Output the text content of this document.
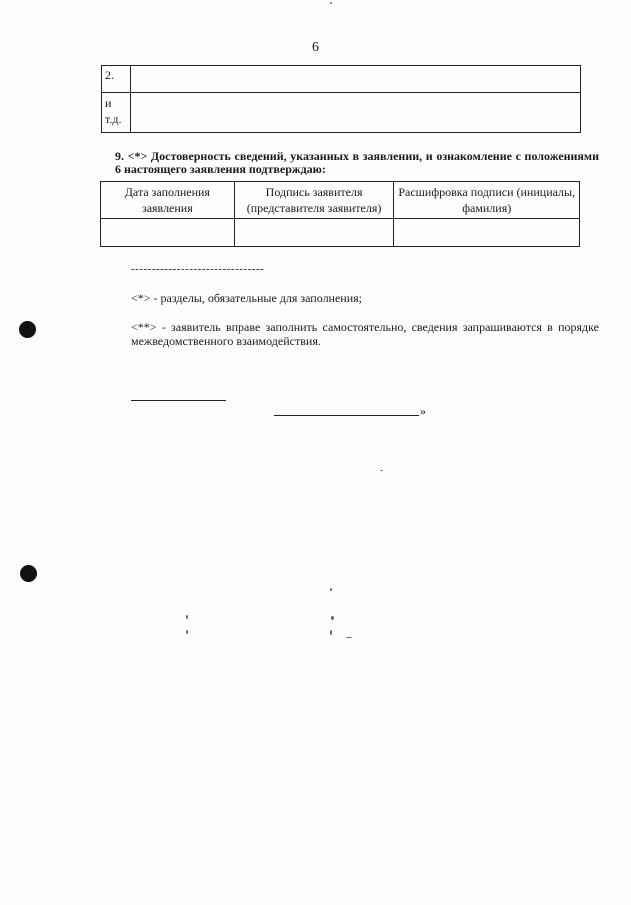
6
2.	
и т.д.	
9. <*> Достоверность сведений, указанных в заявлении, и ознакомление с положениями 6 настоящего заявления подтверждаю:
Дата заполнения заявления	Подпись заявителя (представителя заявителя)	Расшифровка подписи (инициалы, фамилия)

--------------------------------
<*> - разделы, обязательные для заполнения;
<**> - заявитель вправе заполнить самостоятельно, сведения запрашиваются в порядке межведомственного взаимодействия.
»
